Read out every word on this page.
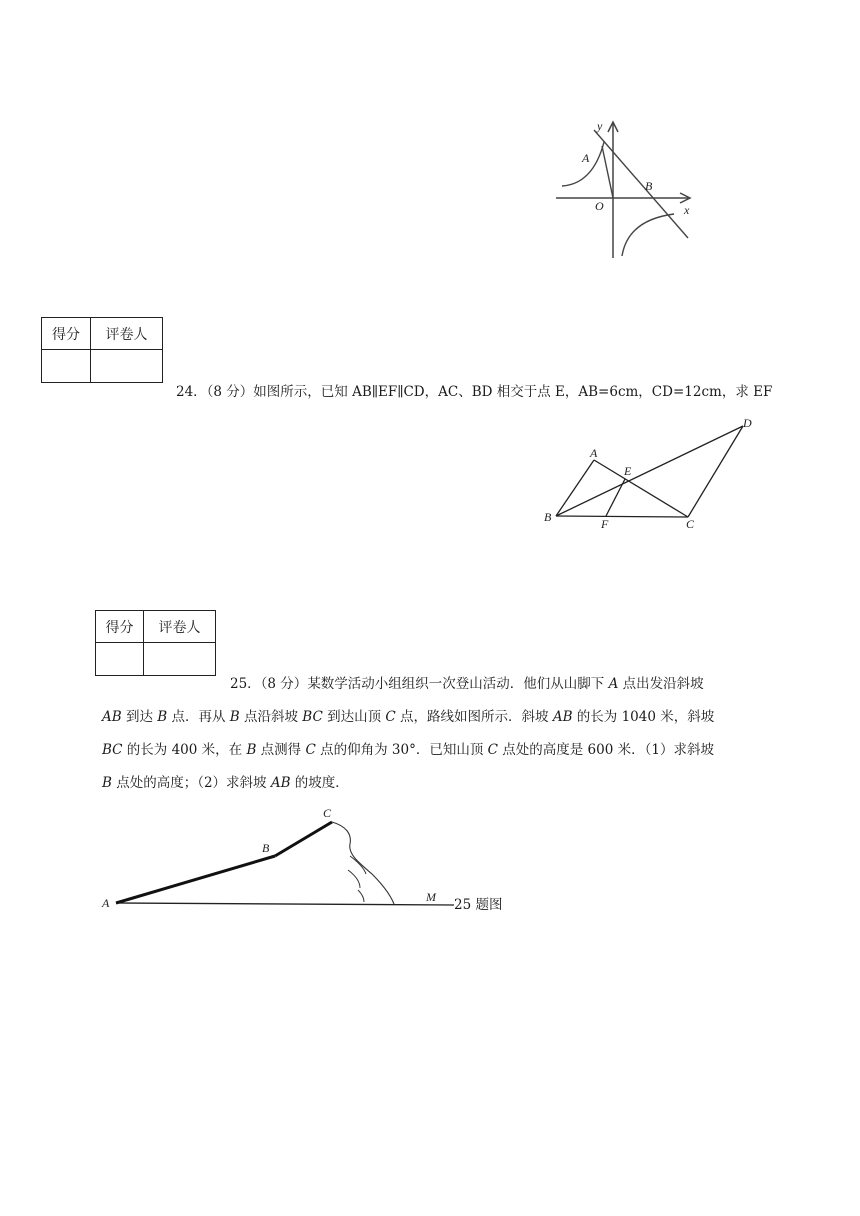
y
A
B
O	x
得分	评卷人

24．（8 分）如图所示，已知 AB∥EF∥CD，AC、BD 相交于点 E，AB=6cm，CD=12cm，求 EF
A
B	C
D
E
F
得分	评卷人

25．（8 分）某数学活动小组组织一次登山活动．他们从山脚下 A 点出发沿斜坡
AB 到达 B 点．再从 B 点沿斜坡 BC 到达山顶 C 点，路线如图所示．斜坡 AB 的长为 1040 米，斜坡
BC 的长为 400 米，在 B 点测得 C 点的仰角为 30°．已知山顶 C 点处的高度是 600 米．（1）求斜坡
B 点处的高度；（2）求斜坡 AB 的坡度．
A
B
C
M 25 题图
